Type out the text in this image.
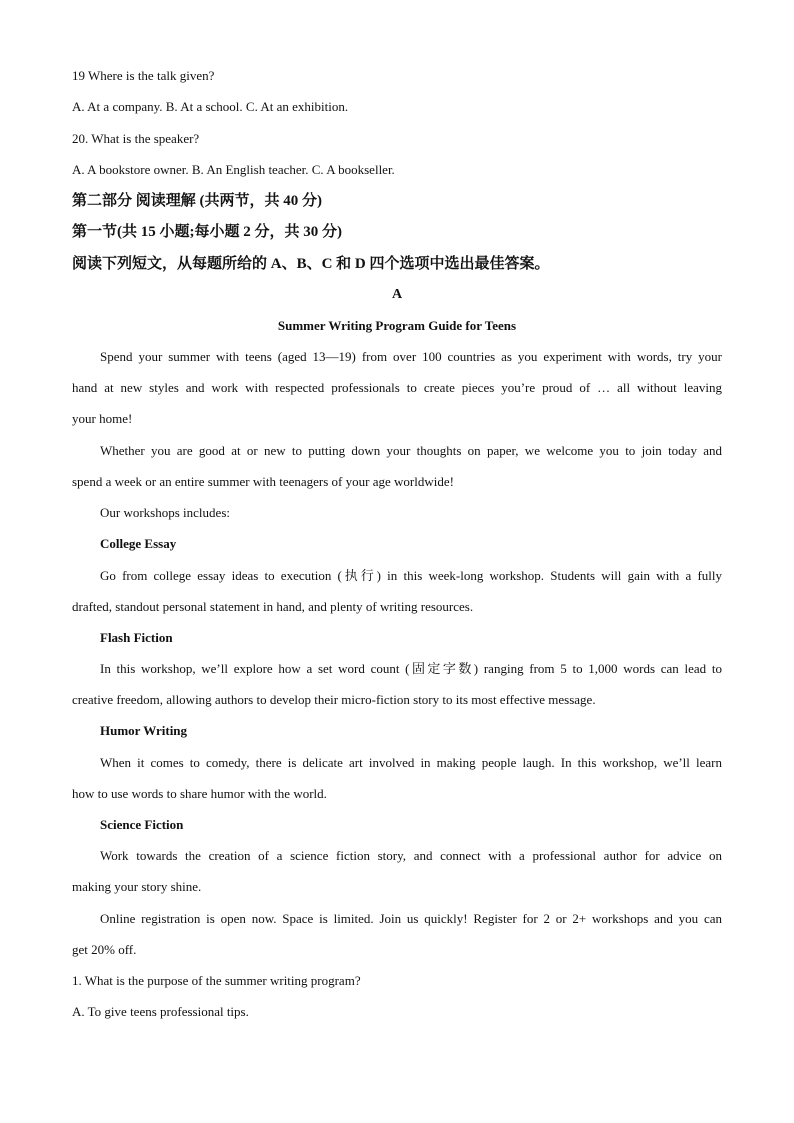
19 Where is the talk given?
A. At a company. B. At a school. C. At an exhibition.
20. What is the speaker?
A. A bookstore owner. B. An English teacher. C. A bookseller.
第二部分 阅读理解 (共两节，共 40 分)
第一节(共 15 小题;每小题 2 分，共 30 分)
阅读下列短文，从每题所给的 A、B、C 和 D 四个选项中选出最佳答案。
A
Summer Writing Program Guide for Teens
Spend your summer with teens (aged 13—19) from over 100 countries as you experiment with words, try your
hand at new styles and work with respected professionals to create pieces you’re proud of … all without leaving
your home!
Whether you are good at or new to putting down your thoughts on paper, we welcome you to join today and
spend a week or an entire summer with teenagers of your age worldwide!
Our workshops includes:
College Essay
Go from college essay ideas to execution (执行) in this week-long workshop. Students will gain with a fully
drafted, standout personal statement in hand, and plenty of writing resources.
Flash Fiction
In this workshop, we’ll explore how a set word count (固定字数) ranging from 5 to 1,000 words can lead to
creative freedom, allowing authors to develop their micro-fiction story to its most effective message.
Humor Writing
When it comes to comedy, there is delicate art involved in making people laugh. In this workshop, we’ll learn
how to use words to share humor with the world.
Science Fiction
Work towards the creation of a science fiction story, and connect with a professional author for advice on
making your story shine.
Online registration is open now. Space is limited. Join us quickly! Register for 2 or 2+ workshops and you can
get 20% off.
1. What is the purpose of the summer writing program?
A. To give teens professional tips.
